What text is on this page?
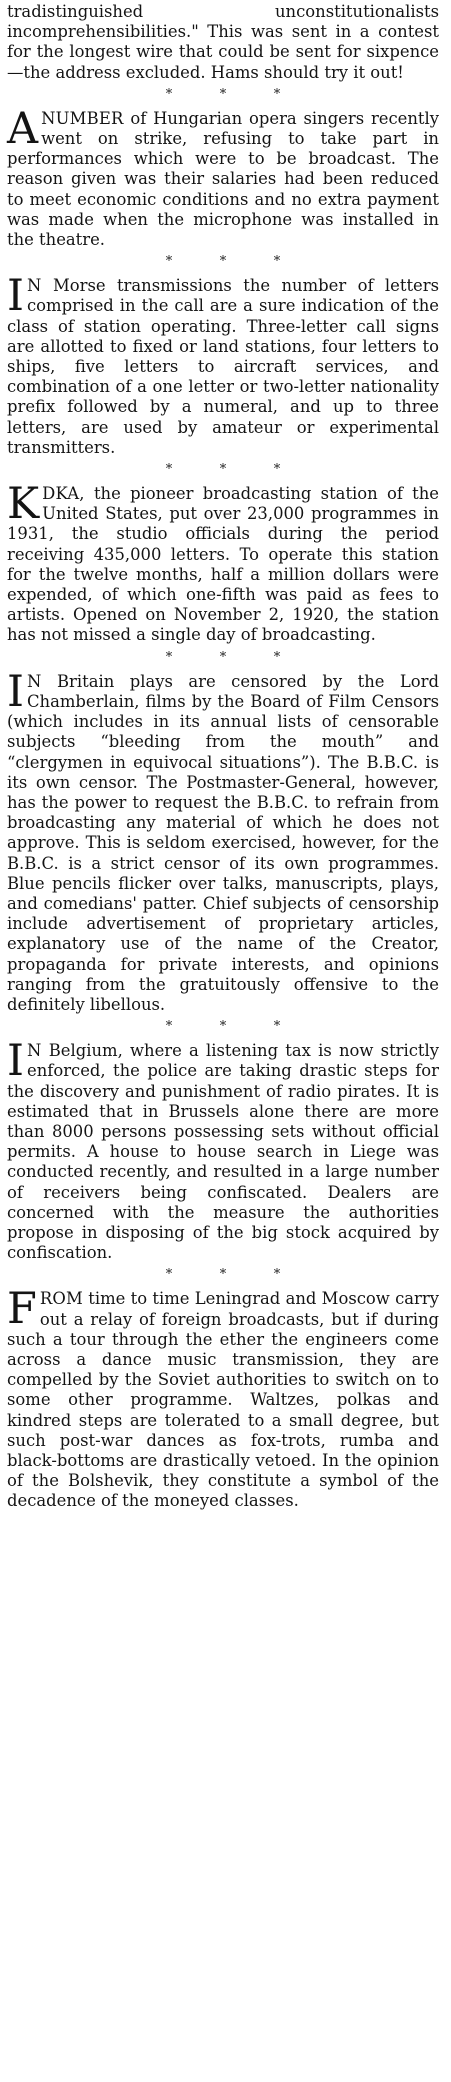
tradistinguished unconstitutionalists incomprehensibilities." This was sent in a contest for the longest wire that could be sent for sixpence—the address excluded. Hams should try it out!

*	*	*

ANUMBER of Hungarian opera singers recently went on strike, refusing to take part in performances which were to be broadcast. The reason given was their salaries had been reduced to meet economic conditions and no extra payment was made when the microphone was installed in the theatre.

*	*	*

I N Morse transmissions the number of letters comprised in the call are a sure indication of the class of station operating. Three-letter call signs are allotted to fixed or land stations, four letters to ships, five letters to aircraft services, and combination of a one letter or two-letter nationality prefix followed by a numeral, and up to three letters, are used by amateur or experimental transmitters.

*	*	*

KDKA, the pioneer broadcasting station of the United States, put over 23,000 programmes in 1931, the studio officials during the period receiving 435,000 letters. To operate this station for the twelve months, half a million dollars were expended, of which one-fifth was paid as fees to artists. Opened on November 2, 1920, the station has not missed a single day of broadcasting.

*	*	*

I N Britain plays are censored by the Lord Chamberlain, films by the Board of Film Censors (which includes in its annual lists of censorable subjects “bleeding from the mouth” and “clergymen in equivocal situations”). The B.B.C. is its own censor. The Postmaster-General, however, has the power to request the B.B.C. to refrain from broadcasting any material of which he does not approve. This is seldom exercised, however, for the B.B.C. is a strict censor of its own programmes. Blue pencils flicker over talks, manuscripts, plays, and comedians' patter. Chief subjects of censorship include advertisement of proprietary articles, explanatory use of the name of the Creator, propaganda for private interests, and opinions ranging from the gratuitously offensive to the definitely libellous.

*	*	*

I N Belgium, where a listening tax is now strictly enforced, the police are taking drastic steps for the discovery and punishment of radio pirates. It is estimated that in Brussels alone there are more than 8000 persons possessing sets without official permits. A house to house search in Liege was conducted recently, and resulted in a large number of receivers being confiscated. Dealers are concerned with the measure the authorities propose in disposing of the big stock acquired by confiscation.

*	*	*

FROM time to time Leningrad and Moscow carry out a relay of foreign broadcasts, but if during such a tour through the ether the engineers come across a dance music transmission, they are compelled by the Soviet authorities to switch on to some other programme. Waltzes, polkas and kindred steps are tolerated to a small degree, but such post-war dances as fox-trots, rumba and black-bottoms are drastically vetoed. In the opinion of the Bolshevik, they constitute a symbol of the decadence of the moneyed classes.
